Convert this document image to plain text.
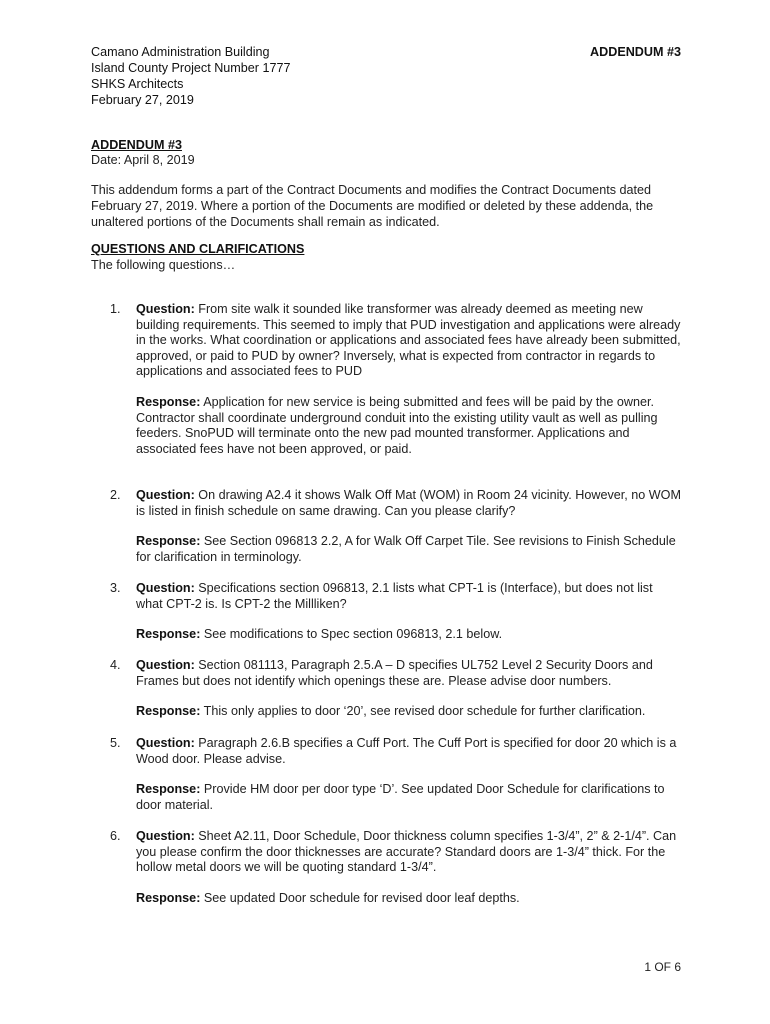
Camano Administration Building
Island County Project Number 1777
SHKS Architects
February 27, 2019
ADDENDUM #3
ADDENDUM #3
Date: April 8, 2019
This addendum forms a part of the Contract Documents and modifies the Contract Documents dated February 27, 2019. Where a portion of the Documents are modified or deleted by these addenda, the unaltered portions of the Documents shall remain as indicated.
QUESTIONS AND CLARIFICATIONS
The following questions…
1.	Question: From site walk it sounded like transformer was already deemed as meeting new building requirements. This seemed to imply that PUD investigation and applications were already in the works. What coordination or applications and associated fees have already been submitted, approved, or paid to PUD by owner? Inversely, what is expected from contractor in regards to applications and associated fees to PUD
Response: Application for new service is being submitted and fees will be paid by the owner. Contractor shall coordinate underground conduit into the existing utility vault as well as pulling feeders. SnoPUD will terminate onto the new pad mounted transformer. Applications and associated fees have not been approved, or paid.
2.	Question: On drawing A2.4 it shows Walk Off Mat (WOM) in Room 24 vicinity. However, no WOM is listed in finish schedule on same drawing. Can you please clarify?
Response: See Section 096813 2.2, A for Walk Off Carpet Tile. See revisions to Finish Schedule for clarification in terminology.
3.	Question: Specifications section 096813, 2.1 lists what CPT-1 is (Interface), but does not list what CPT-2 is. Is CPT-2 the Millliken?
Response: See modifications to Spec section 096813, 2.1 below.
4.	Question: Section 081113, Paragraph 2.5.A – D specifies UL752 Level 2 Security Doors and Frames but does not identify which openings these are. Please advise door numbers.
Response: This only applies to door ‘20’, see revised door schedule for further clarification.
5.	Question: Paragraph 2.6.B specifies a Cuff Port. The Cuff Port is specified for door 20 which is a Wood door. Please advise.
Response: Provide HM door per door type ‘D’. See updated Door Schedule for clarifications to door material.
6.	Question: Sheet A2.11, Door Schedule, Door thickness column specifies 1-3/4”, 2” & 2-1/4”. Can you please confirm the door thicknesses are accurate? Standard doors are 1-3/4” thick. For the hollow metal doors we will be quoting standard 1-3/4”.
Response: See updated Door schedule for revised door leaf depths.
1 OF 6
